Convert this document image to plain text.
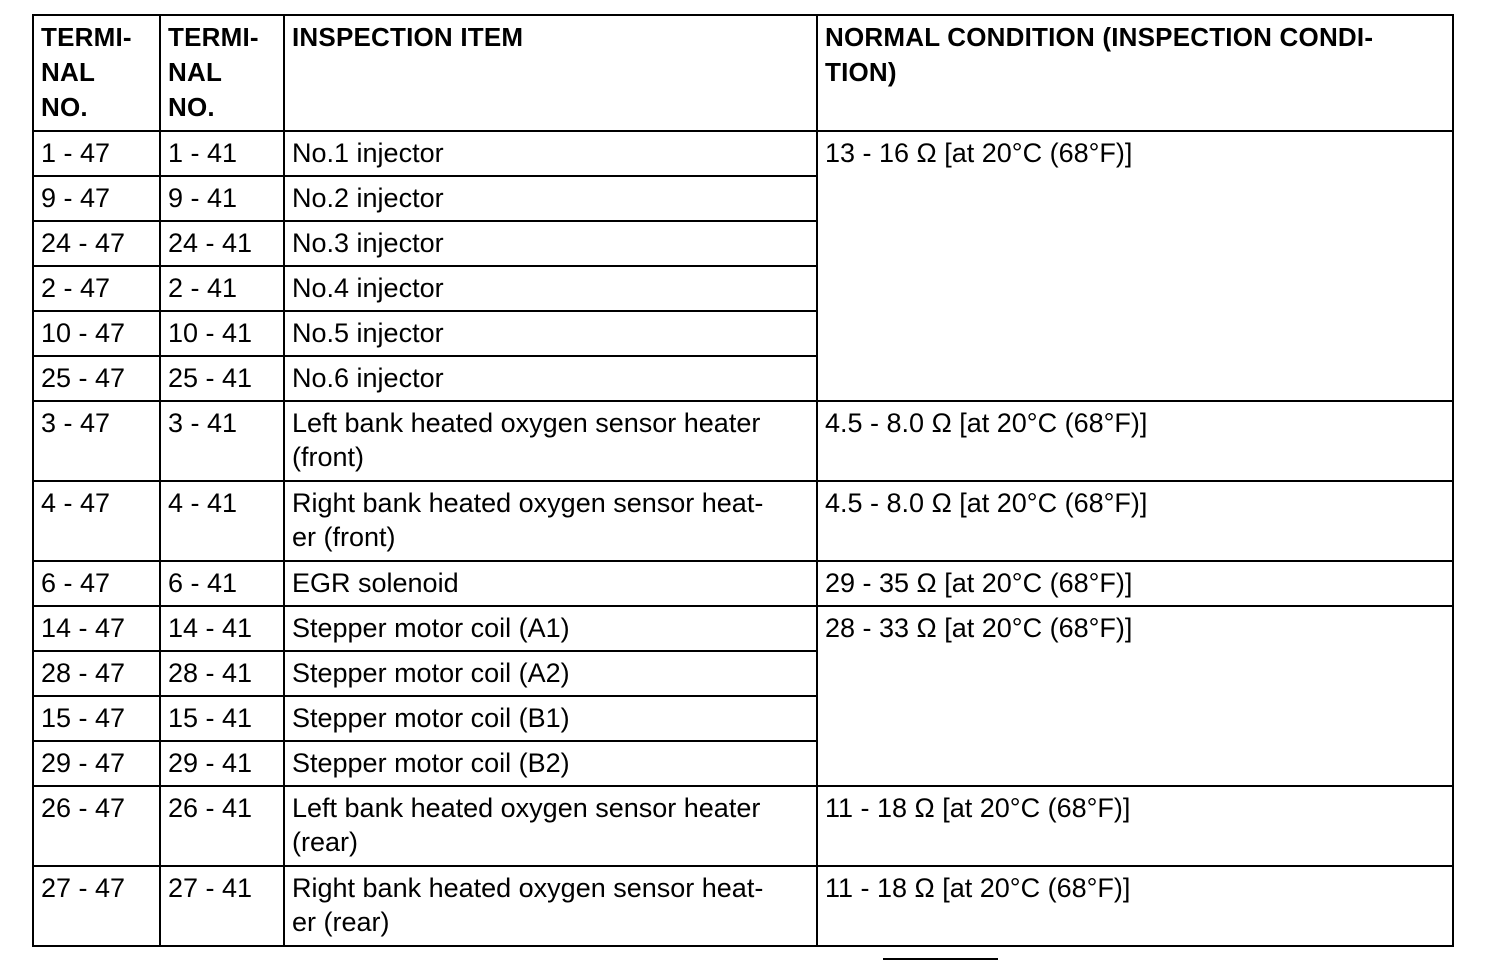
TERMI-
NAL
NO.	TERMI-
NAL
NO.	INSPECTION ITEM	NORMAL CONDITION (INSPECTION CONDI-
TION)

1 - 47	1 - 41	No.1 injector	13 - 16 Ω [at 20°C (68°F)]
9 - 47	9 - 41	No.2 injector	

24 - 47	24 - 41	No.3 injector	

2 - 47	2 - 41	No.4 injector	

10 - 47	10 - 41	No.5 injector	

25 - 47	25 - 41	No.6 injector	

3 - 47	3 - 41	Left bank heated oxygen sensor heater
(front)	4.5 - 8.0 Ω [at 20°C (68°F)]
4 - 47	4 - 41	Right bank heated oxygen sensor heat-
er (front)	4.5 - 8.0 Ω [at 20°C (68°F)]
6 - 47	6 - 41	EGR solenoid	29 - 35 Ω [at 20°C (68°F)]
14 - 47	14 - 41	Stepper motor coil (A1)	28 - 33 Ω [at 20°C (68°F)]
28 - 47	28 - 41	Stepper motor coil (A2)	

15 - 47	15 - 41	Stepper motor coil (B1)	

29 - 47	29 - 41	Stepper motor coil (B2)	

26 - 47	26 - 41	Left bank heated oxygen sensor heater
(rear)	11 - 18 Ω [at 20°C (68°F)]
27 - 47	27 - 41	Right bank heated oxygen sensor heat-
er (rear)	11 - 18 Ω [at 20°C (68°F)]
